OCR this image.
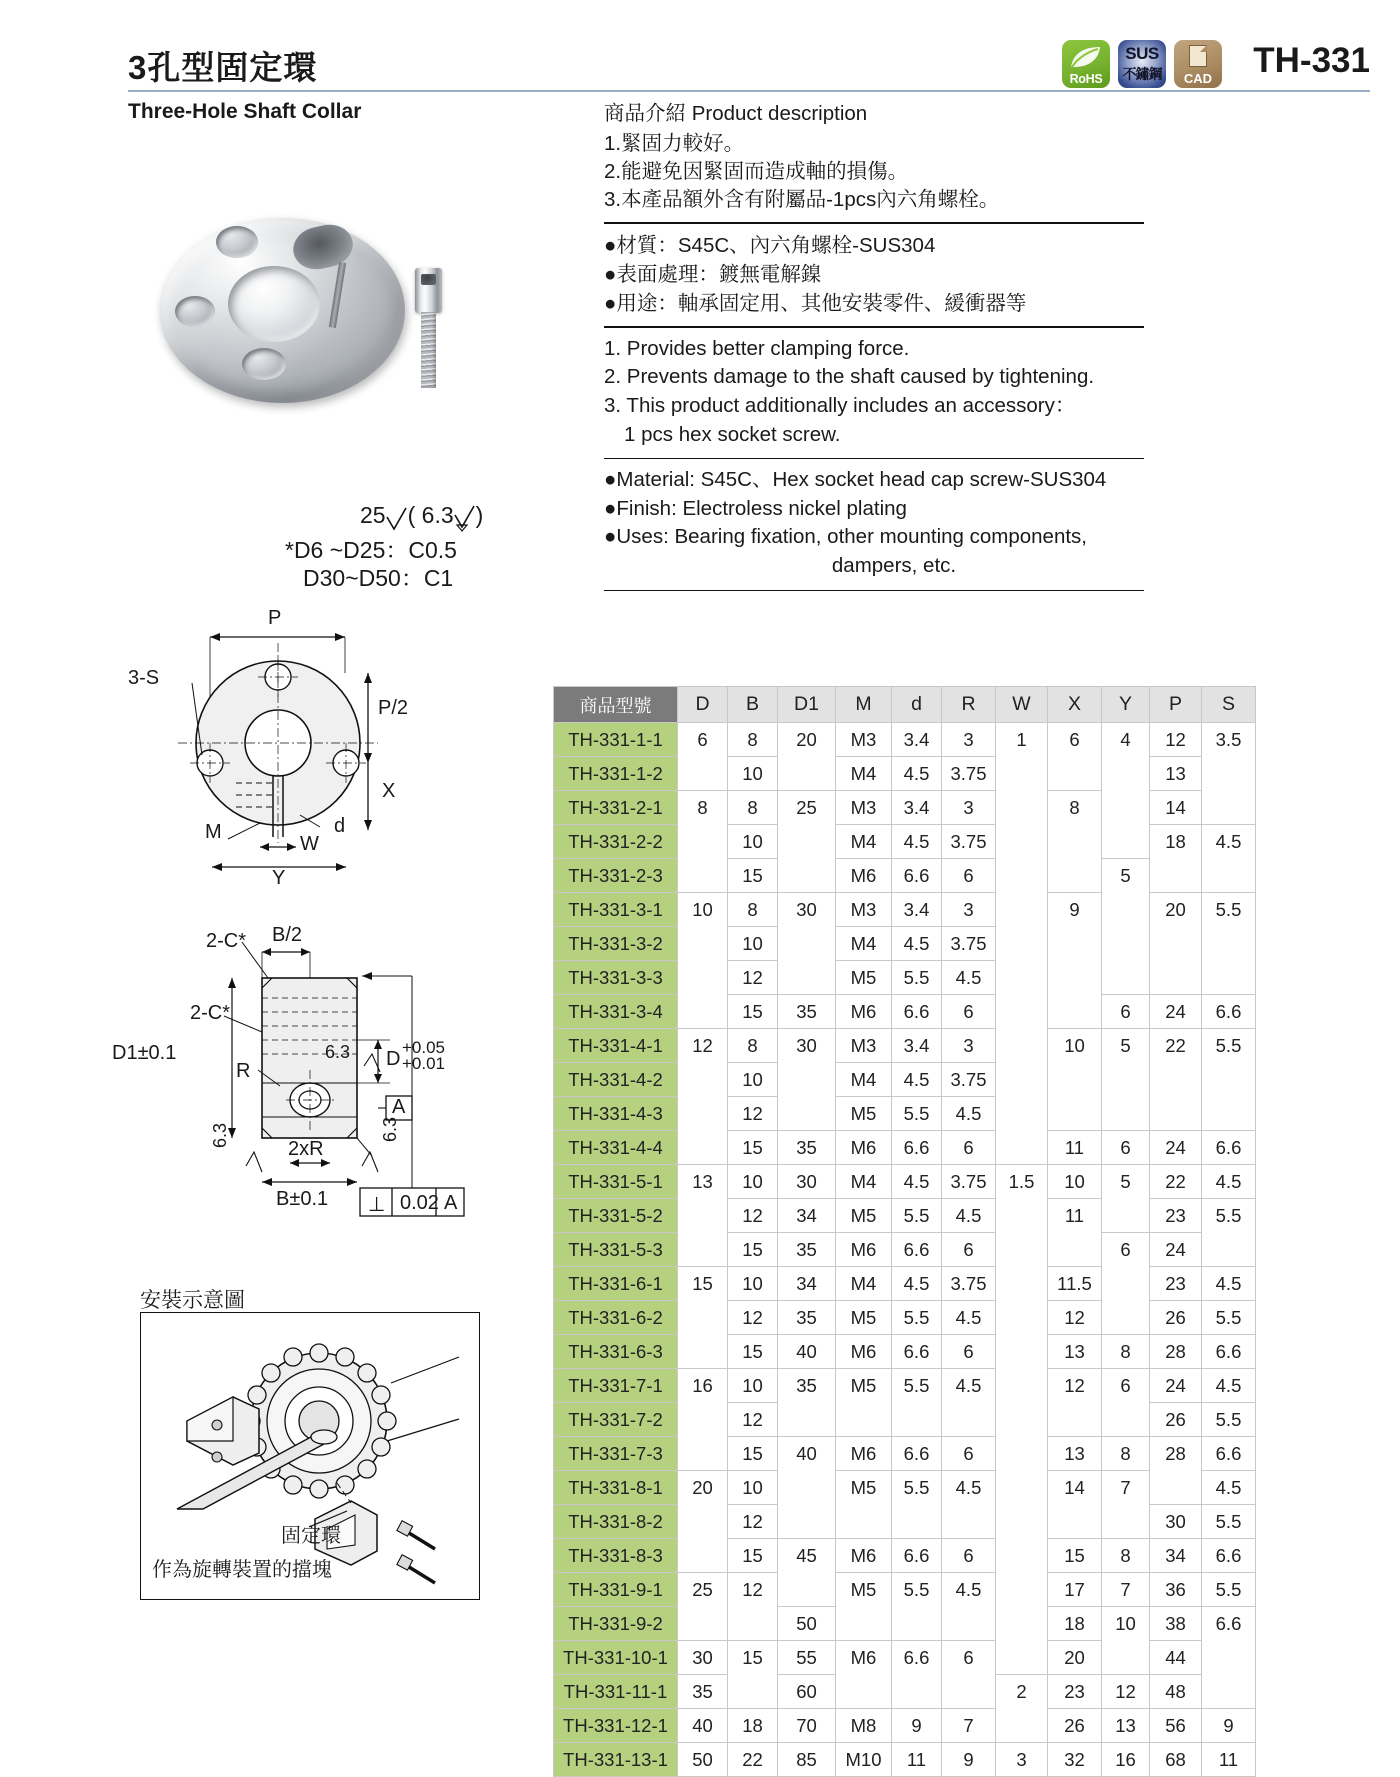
3孔型固定環	RoHS
SUS
不鏽鋼	CAD TH-331
Three-Hole Shaft Collar	商品介紹 Product description
1.緊固力較好。
2.能避免因緊固而造成軸的損傷。
3.本產品額外含有附屬品-1pcs內六角螺栓。
●材質：S45C、內六角螺栓-SUS304
●表面處理：鍍無電解鎳
●用途：軸承固定用、其他安裝零件、緩衝器等
1. Provides better clamping force.
2. Prevents damage to the shaft caused by tightening.
3. This product additionally includes an accessory：
1 pcs hex socket screw.
●Material: S45C、Hex socket head cap screw-SUS304
●Finish: Electroless nickel plating
●Uses: Bearing fixation, other mounting components,
dampers, etc.
25 ( 6.3 )
*D6 ~D25：C0.5
D30~D50：C1
P
3-S
P/2
X
M
W
d
Y
2-C* B/2
2-C*
D1±0.1
R
6.3 D
+0.05
+0.01
A
6.3	6.3
2xR
B±0.1 ⊥ 0.02 A
安裝示意圖
固定環
作為旋轉裝置的擋塊
商品型號	D	B	D1	M	d	R	W	X	Y	P	S
TH-331-1-1	6	8	20	M3	3.4	3	1	6	4	12	3.5
TH-331-1-2		10		M4	4.5	3.75				13	
TH-331-2-1	8	8	25	M3	3.4	3		8		14	
TH-331-2-2		10		M4	4.5	3.75				18	4.5
TH-331-2-3		15		M6	6.6	6			5		
TH-331-3-1	10	8	30	M3	3.4	3		9		20	5.5
TH-331-3-2		10		M4	4.5	3.75					
TH-331-3-3		12		M5	5.5	4.5					
TH-331-3-4		15	35	M6	6.6	6			6	24	6.6
TH-331-4-1	12	8	30	M3	3.4	3		10	5	22	5.5
TH-331-4-2		10		M4	4.5	3.75					
TH-331-4-3		12		M5	5.5	4.5					
TH-331-4-4		15	35	M6	6.6	6		11	6	24	6.6
TH-331-5-1	13	10	30	M4	4.5	3.75	1.5	10	5	22	4.5
TH-331-5-2		12	34	M5	5.5	4.5		11		23	5.5
TH-331-5-3		15	35	M6	6.6	6			6	24	
TH-331-6-1	15	10	34	M4	4.5	3.75		11.5		23	4.5
TH-331-6-2		12	35	M5	5.5	4.5		12		26	5.5
TH-331-6-3		15	40	M6	6.6	6		13	8	28	6.6
TH-331-7-1	16	10	35	M5	5.5	4.5		12	6	24	4.5
TH-331-7-2		12								26	5.5
TH-331-7-3		15	40	M6	6.6	6		13	8	28	6.6
TH-331-8-1	20	10		M5	5.5	4.5		14	7		4.5
TH-331-8-2		12								30	5.5
TH-331-8-3		15	45	M6	6.6	6		15	8	34	6.6
TH-331-9-1	25	12		M5	5.5	4.5		17	7	36	5.5
TH-331-9-2			50					18	10	38	6.6
TH-331-10-1	30	15	55	M6	6.6	6		20		44	
TH-331-11-1	35		60				2	23	12	48	
TH-331-12-1	40	18	70	M8	9	7		26	13	56	9
TH-331-13-1	50	22	85	M10	11	9	3	32	16	68	11
